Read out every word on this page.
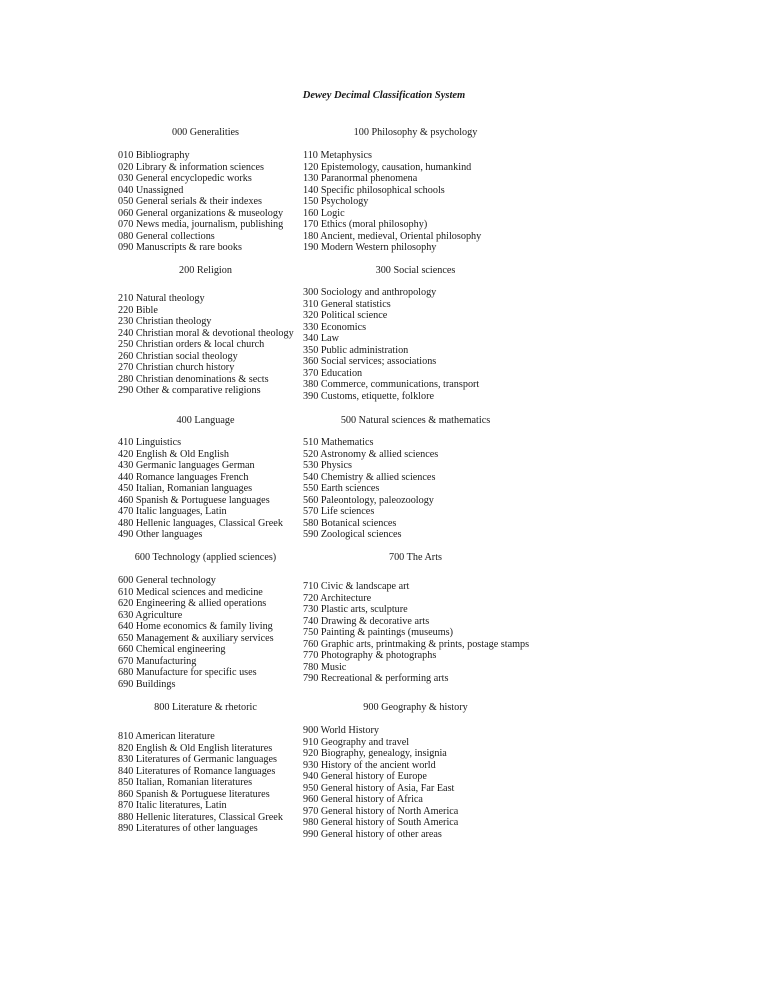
Dewey Decimal Classification System
000 Generalities	100 Philosophy & psychology
010 Bibliography
020 Library & information sciences
030 General encyclopedic works
040 Unassigned
050 General serials & their indexes
060 General organizations & museology
070 News media, journalism, publishing
080 General collections
090 Manuscripts & rare books
110 Metaphysics
120 Epistemology, causation, humankind
130 Paranormal phenomena
140 Specific philosophical schools
150 Psychology
160 Logic
170 Ethics (moral philosophy)
180 Ancient, medieval, Oriental philosophy
190 Modern Western philosophy
200 Religion	300 Social sciences
210 Natural theology
220 Bible
230 Christian theology
240 Christian moral & devotional theology
250 Christian orders & local church
260 Christian social theology
270 Christian church history
280 Christian denominations & sects
290 Other & comparative religions
300 Sociology and anthropology
310 General statistics
320 Political science
330 Economics
340 Law
350 Public administration
360 Social services; associations
370 Education
380 Commerce, communications, transport
390 Customs, etiquette, folklore
400 Language	500 Natural sciences & mathematics
410 Linguistics
420 English & Old English
430 Germanic languages German
440 Romance languages French
450 Italian, Romanian languages
460 Spanish & Portuguese languages
470 Italic languages, Latin
480 Hellenic languages, Classical Greek
490 Other languages
510 Mathematics
520 Astronomy & allied sciences
530 Physics
540 Chemistry & allied sciences
550 Earth sciences
560 Paleontology, paleozoology
570 Life sciences
580 Botanical sciences
590 Zoological sciences
600 Technology (applied sciences)	700 The Arts
600 General technology
610 Medical sciences and medicine
620 Engineering & allied operations
630 Agriculture
640 Home economics & family living
650 Management & auxiliary services
660 Chemical engineering
670 Manufacturing
680 Manufacture for specific uses
690 Buildings
710 Civic & landscape art
720 Architecture
730 Plastic arts, sculpture
740 Drawing & decorative arts
750 Painting & paintings (museums)
760 Graphic arts, printmaking & prints, postage stamps
770 Photography & photographs
780 Music
790 Recreational & performing arts
800 Literature & rhetoric	900 Geography & history
810 American literature
820 English & Old English literatures
830 Literatures of Germanic languages
840 Literatures of Romance languages
850 Italian, Romanian literatures
860 Spanish & Portuguese literatures
870 Italic literatures, Latin
880 Hellenic literatures, Classical Greek
890 Literatures of other languages
900 World History
910 Geography and travel
920 Biography, genealogy, insignia
930 History of the ancient world
940 General history of Europe
950 General history of Asia, Far East
960 General history of Africa
970 General history of North America
980 General history of South America
990 General history of other areas
